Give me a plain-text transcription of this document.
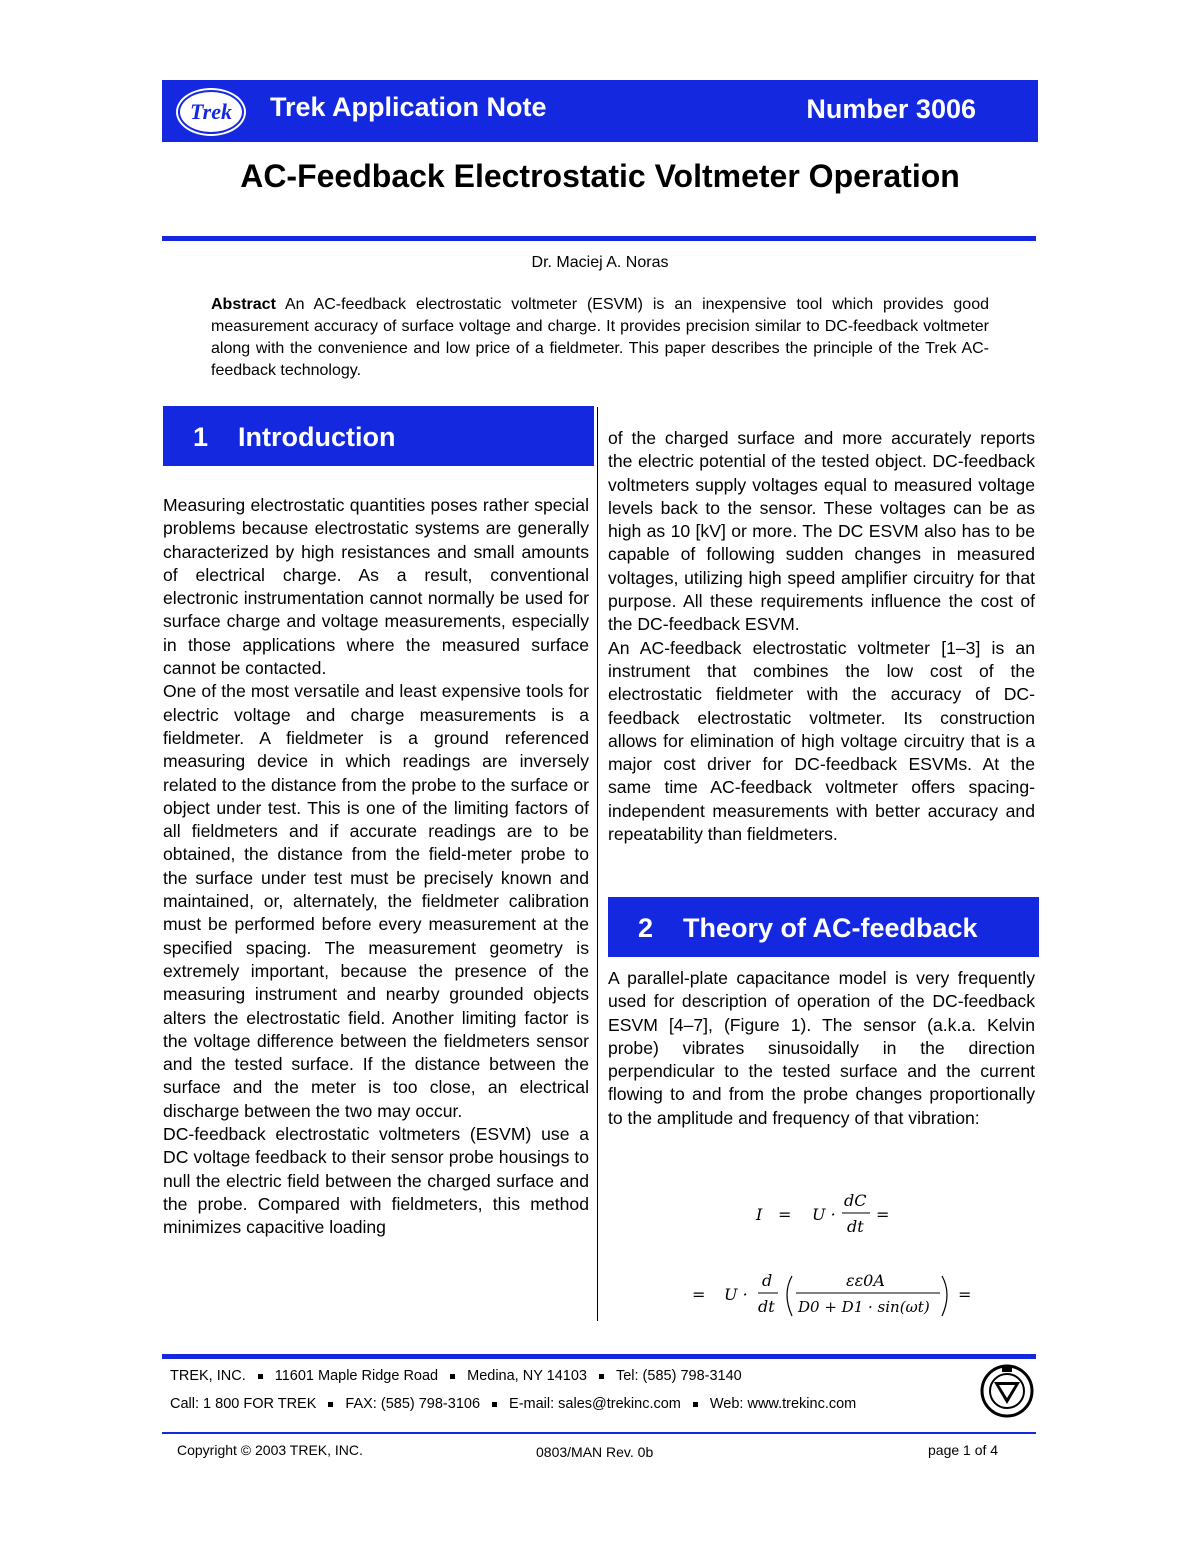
Trek	Trek Application Note	Number 3006
AC-Feedback Electrostatic Voltmeter Operation
Dr. Maciej A. Noras
Abstract An AC-feedback electrostatic voltmeter (ESVM) is an inexpensive tool which provides good measurement accuracy of surface voltage and charge. It provides precision similar to DC-feedback voltmeter along with the convenience and low price of a fieldmeter. This paper describes the principle of the Trek AC-feedback technology.
1 Introduction

Measuring electrostatic quantities poses rather special problems because electrostatic systems are generally characterized by high resistances and small amounts of electrical charge. As a result, conventional electronic instrumentation cannot normally be used for surface charge and voltage measurements, especially in those applications where the measured surface cannot be contacted.

One of the most versatile and least expensive tools for electric voltage and charge measurements is a fieldmeter. A fieldmeter is a ground referenced measuring device in which readings are inversely related to the distance from the probe to the surface or object under test. This is one of the limiting factors of all fieldmeters and if accurate readings are to be obtained, the distance from the field-meter probe to the surface under test must be precisely known and maintained, or, alternately, the fieldmeter calibration must be performed before every measurement at the specified spacing. The measurement geometry is extremely important, because the presence of the measuring instrument and nearby grounded objects alters the electrostatic field. Another limiting factor is the voltage difference between the fieldmeters sensor and the tested surface. If the distance between the surface and the meter is too close, an electrical discharge between the two may occur.

DC-feedback electrostatic voltmeters (ESVM) use a DC voltage feedback to their sensor probe housings to null the electric field between the charged surface and the probe. Compared with fieldmeters, this method minimizes capacitive loading

of the charged surface and more accurately reports the electric potential of the tested object. DC-feedback voltmeters supply voltages equal to measured voltage levels back to the sensor. These voltages can be as high as 10 [kV] or more. The DC ESVM also has to be capable of following sudden changes in measured voltages, utilizing high speed amplifier circuitry for that purpose. All these requirements influence the cost of the DC-feedback ESVM.

An AC-feedback electrostatic voltmeter [1–3] is an instrument that combines the low cost of the electrostatic fieldmeter with the accuracy of DC-feedback electrostatic voltmeter. Its construction allows for elimination of high voltage circuitry that is a major cost driver for DC-feedback ESVMs. At the same time AC-feedback voltmeter offers spacing-independent measurements with better accuracy and repeatability than fieldmeters.

2 Theory of AC-feedback

A parallel-plate capacitance model is very frequently used for description of operation of the DC-feedback ESVM [4–7], (Figure 1). The sensor (a.k.a. Kelvin probe) vibrates sinusoidally in the direction perpendicular to the tested surface and the current flowing to and from the probe changes proportionally to the amplitude and frequency of that vibration:

I = U ·
dC
dt
=
= U ·
d
dt
εε0A
D0 + D1 · sin(ωt)
=
TREK, INC. 11601 Maple Ridge Road Medina, NY 14103 Tel: (585) 798-3140
Call: 1 800 FOR TREK FAX: (585) 798-3106 E-mail: sales@trekinc.com Web: www.trekinc.com
Copyright © 2003 TREK, INC.	0803/MAN Rev. 0b	page 1 of 4
